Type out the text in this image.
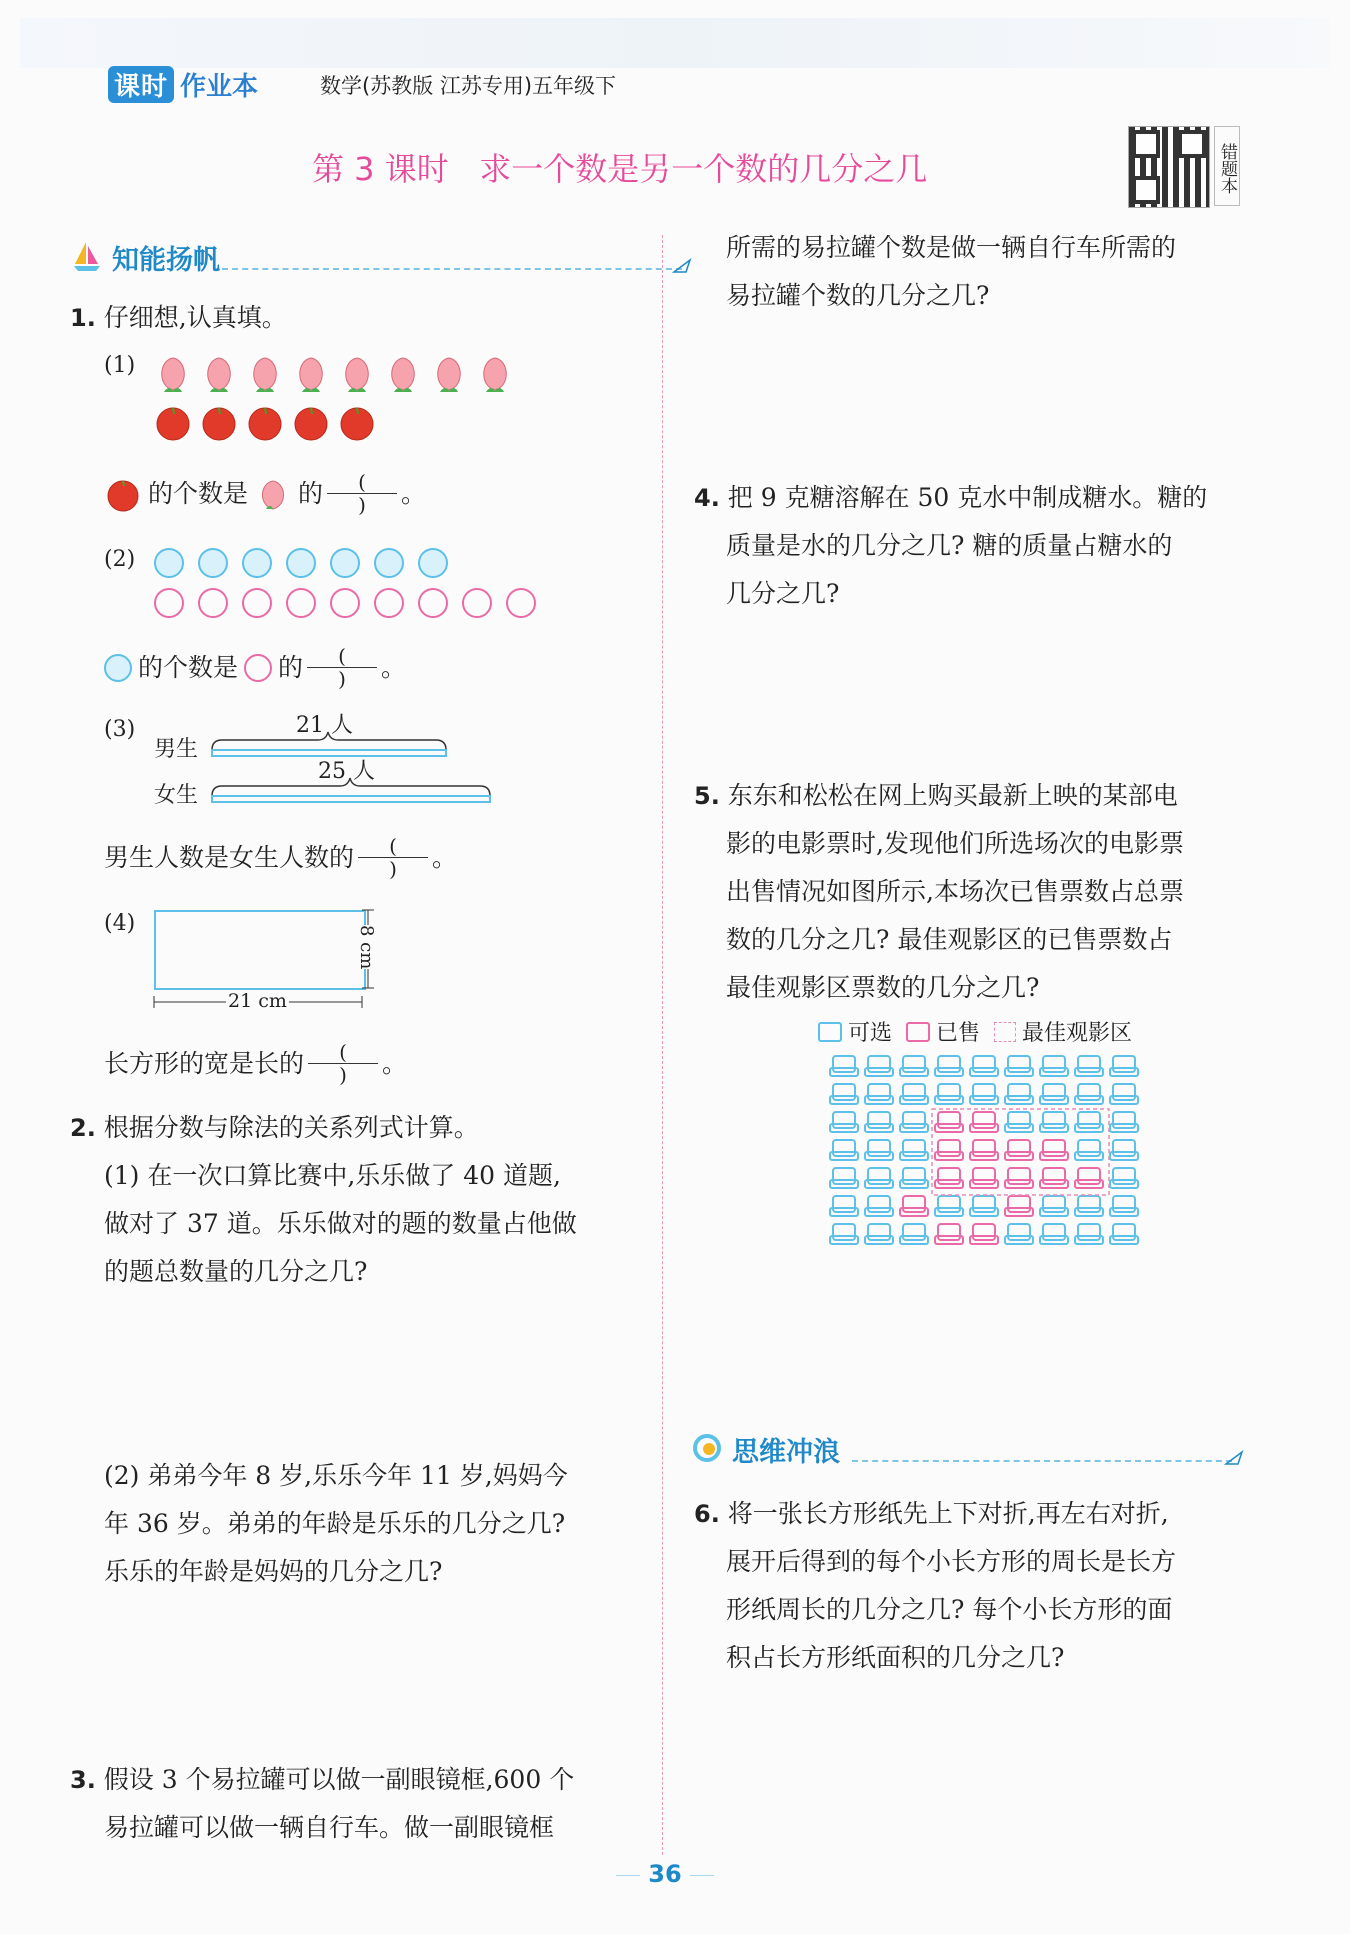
课时 作业本	数学(苏教版 江苏专用)五年级下
第 3 课时   求一个数是另一个数的几分之几	错题本
知能扬帆
1. 仔细想,认真填。
(1)
的个数是 的 $\frac{(}{)}$ 。
(2)
的个数是 的 $\frac{(}{)}$ 。
(3)
男生
21 人
女生
25 人
男生人数是女生人数的 $\frac{(}{)}$ 。
(4)
8 cm
21 cm
长方形的宽是长的 $\frac{(}{)}$ 。
2. 根据分数与除法的关系列式计算。
(1) 在一次口算比赛中,乐乐做了 40 道题,
做对了 37 道。乐乐做对的题的数量占他做
的题总数量的几分之几?
(2) 弟弟今年 8 岁,乐乐今年 11 岁,妈妈今
年 36 岁。弟弟的年龄是乐乐的几分之几?
乐乐的年龄是妈妈的几分之几?
3. 假设 3 个易拉罐可以做一副眼镜框,600 个
易拉罐可以做一辆自行车。做一副眼镜框
所需的易拉罐个数是做一辆自行车所需的
易拉罐个数的几分之几?
4. 把 9 克糖溶解在 50 克水中制成糖水。糖的
质量是水的几分之几? 糖的质量占糖水的
几分之几?
5. 东东和松松在网上购买最新上映的某部电
影的电影票时,发现他们所选场次的电影票
出售情况如图所示,本场次已售票数占总票
数的几分之几? 最佳观影区的已售票数占
最佳观影区票数的几分之几?
可选 已售 最佳观影区
思维冲浪
6. 将一张长方形纸先上下对折,再左右对折,
展开后得到的每个小长方形的周长是长方
形纸周长的几分之几? 每个小长方形的面
积占长方形纸面积的几分之几?
36
